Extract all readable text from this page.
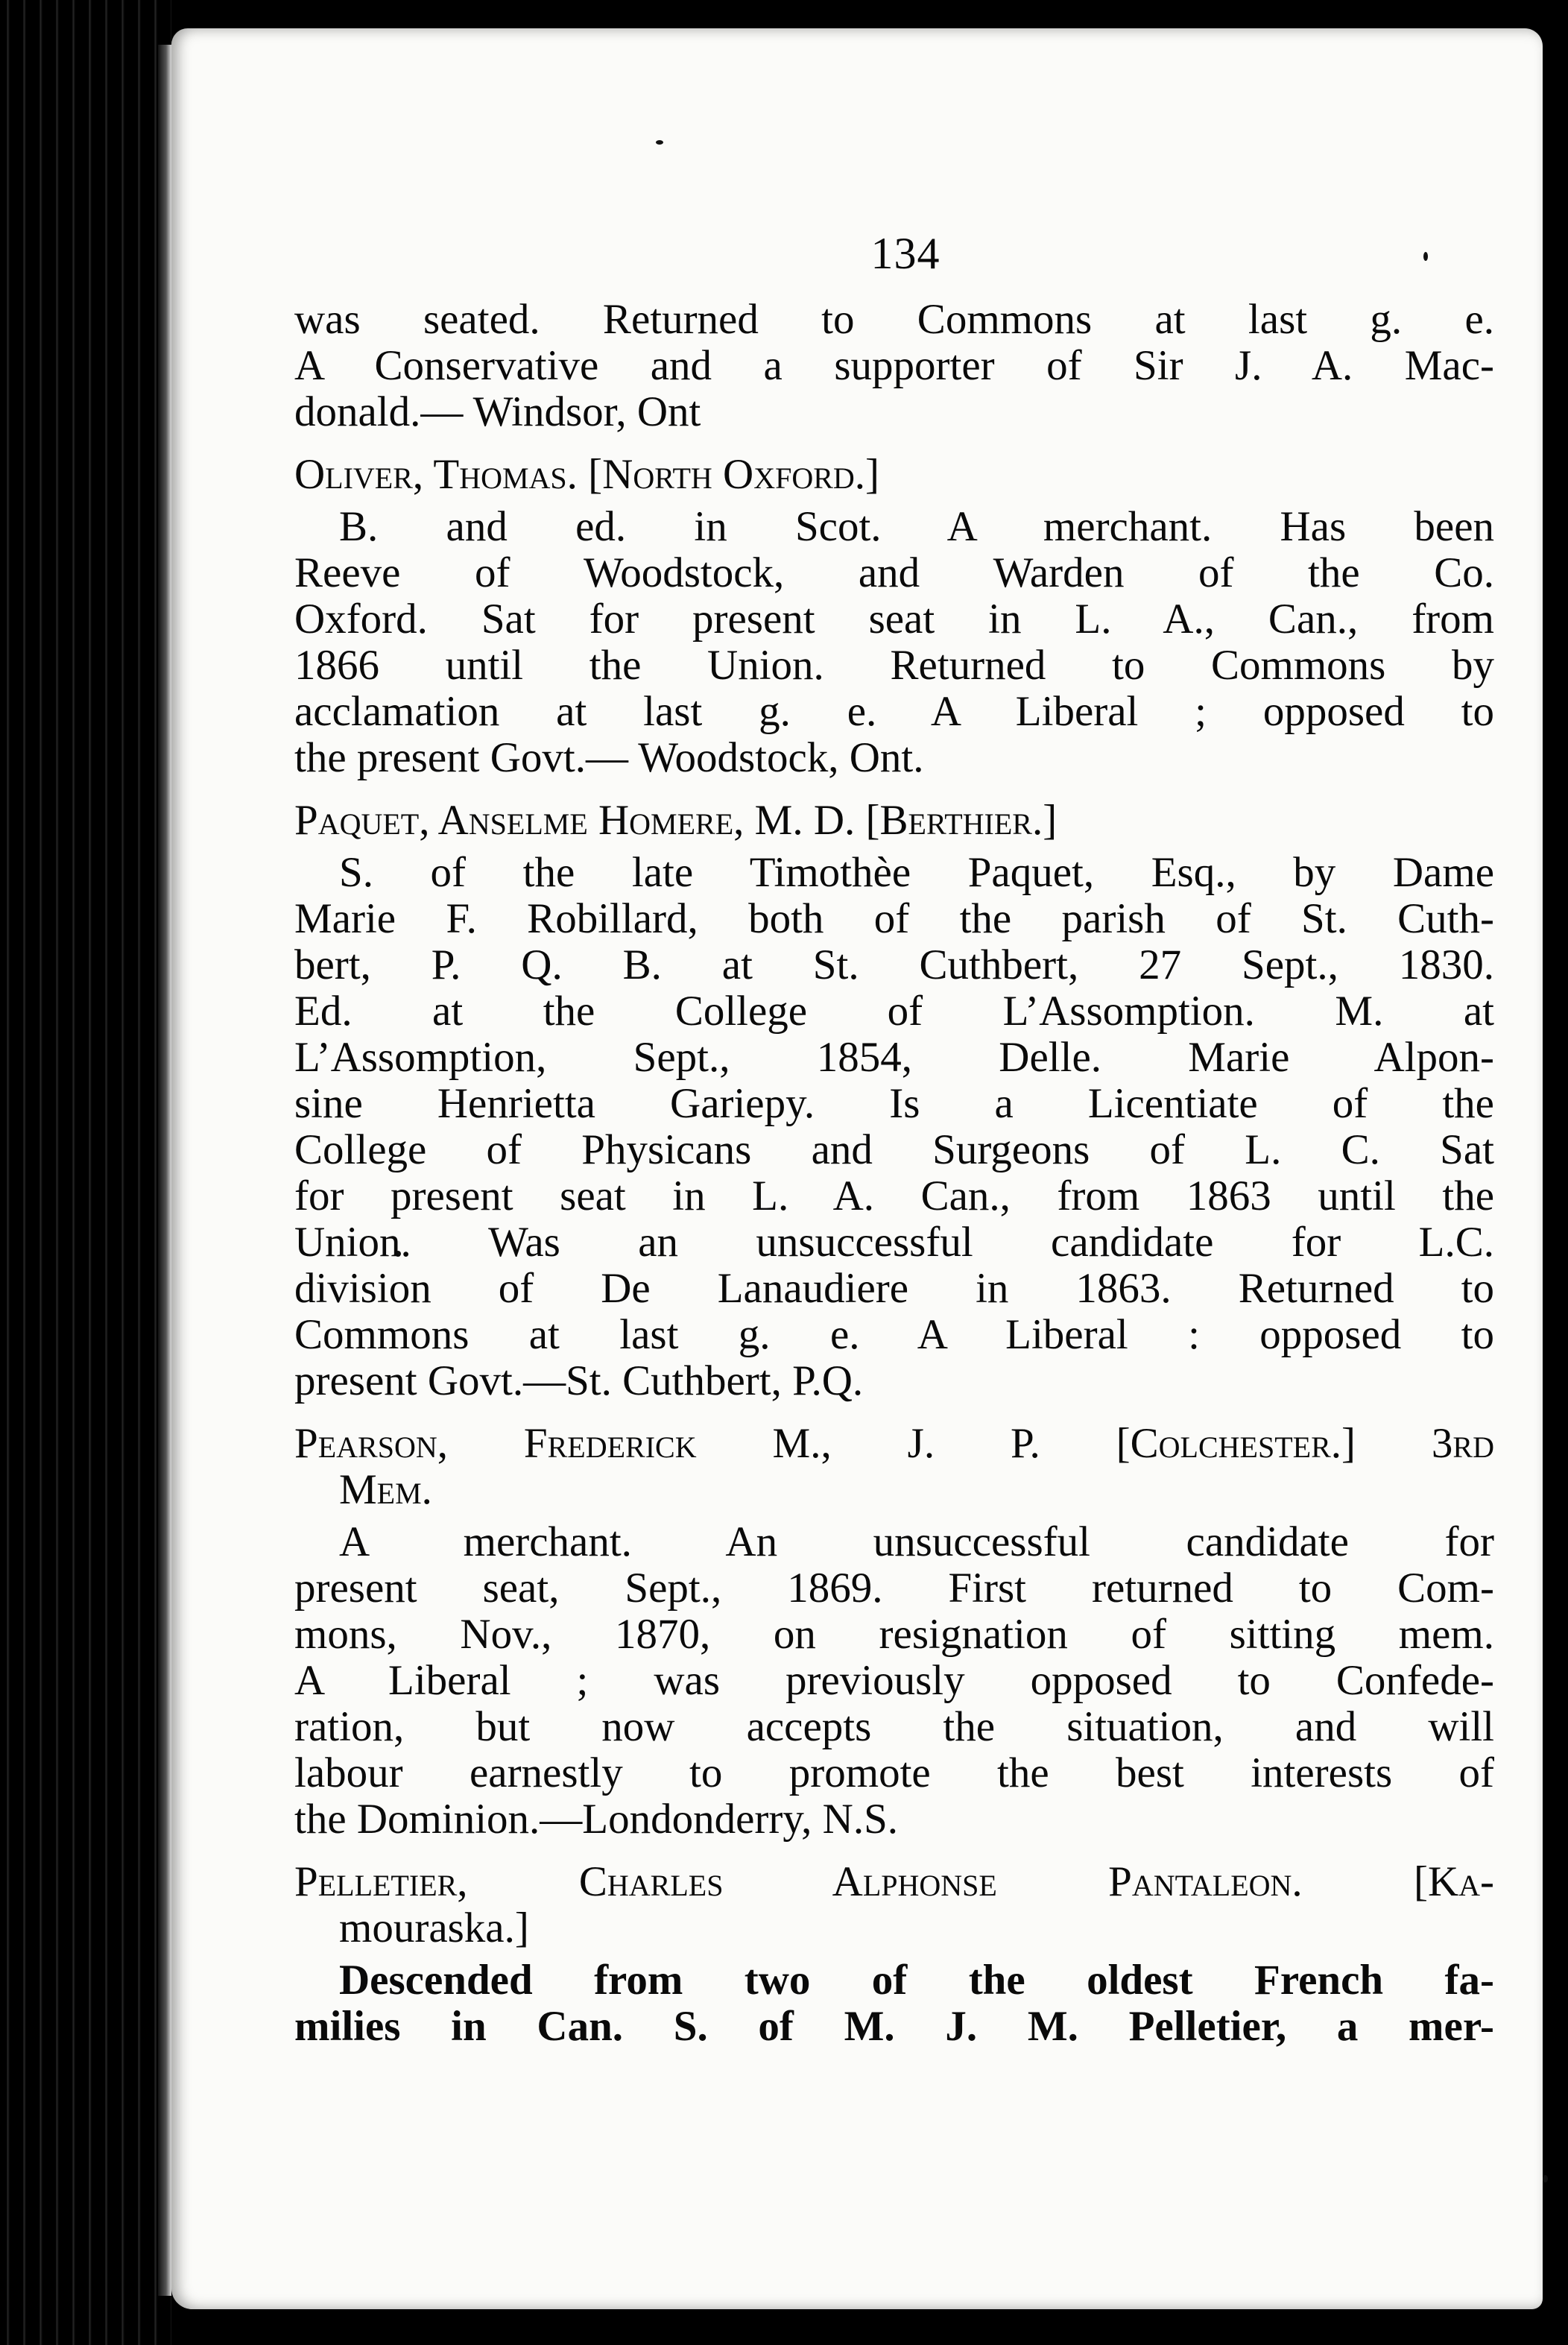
134
was seated. Returned to Commons at last g. e.
A Conservative and a supporter of Sir J. A. Mac-
donald.— Windsor, Ont
Oliver, Thomas. [North Oxford.]
B. and ed. in Scot. A merchant. Has been
Reeve of Woodstock, and Warden of the Co.
Oxford. Sat for present seat in L. A., Can., from
1866 until the Union. Returned to Commons by
acclamation at last g. e. A Liberal ; opposed to
the present Govt.— Woodstock, Ont.
Paquet, Anselme Homere, M. D. [Berthier.]
S. of the late Timothèe Paquet, Esq., by Dame
Marie F. Robillard, both of the parish of St. Cuth-
bert, P. Q. B. at St. Cuthbert, 27 Sept., 1830.
Ed. at the College of L’Assomption. M. at
L’Assomption, Sept., 1854, Delle. Marie Alpon-
sine Henrietta Gariepy. Is a Licentiate of the
College of Physicans and Surgeons of L. C. Sat
for present seat in L. A. Can., from 1863 until the
Union. Was an unsuccessful candidate for L.C.
division of De Lanaudiere in 1863. Returned to
Commons at last g. e. A Liberal : opposed to
present Govt.—St. Cuthbert, P.Q.
Pearson, Frederick M., J. P. [Colchester.] 3rd
Mem.
A merchant. An unsuccessful candidate for
present seat, Sept., 1869. First returned to Com-
mons, Nov., 1870, on resignation of sitting mem.
A Liberal ; was previously opposed to Confede-
ration, but now accepts the situation, and will
labour earnestly to promote the best interests of
the Dominion.—Londonderry, N.S.
Pelletier, Charles Alphonse Pantaleon. [Ka-
mouraska.]
Descended from two of the oldest French fa-
milies in Can. S. of M. J. M. Pelletier, a mer-
